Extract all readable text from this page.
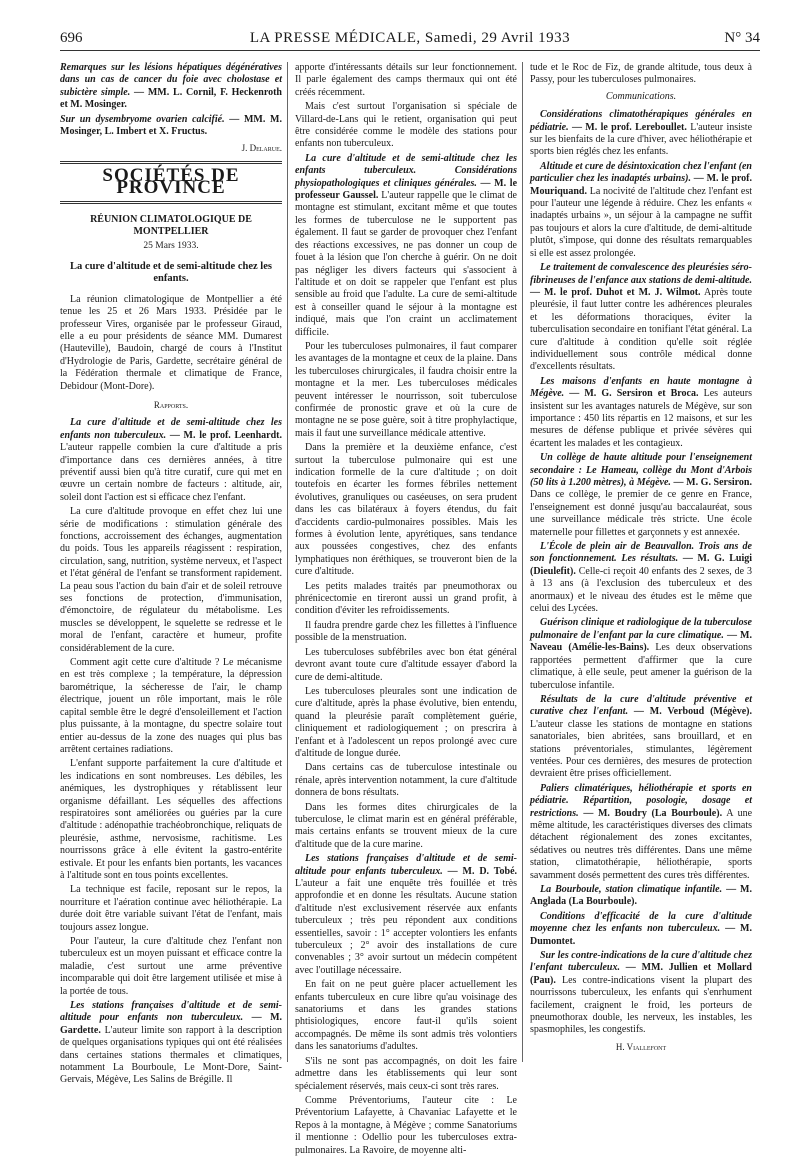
696	LA PRESSE MÉDICALE, Samedi, 29 Avril 1933	N° 34

Remarques sur les lésions hépatiques dégénératives dans un cas de cancer du foie avec cholostase et subictère simple. — MM. L. Cornil, F. Heckenroth et M. Mosinger.

Sur un dysembryome ovarien calcifié. — MM. M. Mosinger, L. Imbert et X. Fructus.

J. Delarue.
SOCIÉTÉS DE PROVINCE
RÉUNION CLIMATOLOGIQUE DE MONTPELLIER
25 Mars 1933.
La cure d'altitude et de semi-altitude chez les enfants.

La réunion climatologique de Montpellier a été tenue les 25 et 26 Mars 1933. Présidée par le professeur Vires, organisée par le professeur Giraud, elle a eu pour présidents de séance MM. Dumarest (Hauteville), Baudoin, chargé de cours à l'Institut d'Hydrologie de Paris, Gardette, secrétaire général de la Fédération thermale et climatique de France, Debidour (Mont-Dore).

Rapports.

La cure d'altitude et de semi-altitude chez les enfants non tuberculeux. — M. le prof. Leenhardt. L'auteur rappelle combien la cure d'altitude a pris d'importance dans ces dernières années, à titre préventif aussi bien qu'à titre curatif, cure qui met en œuvre un certain nombre de facteurs : altitude, air, soleil dont l'action est si efficace chez l'enfant.

La cure d'altitude provoque en effet chez lui une série de modifications : stimulation générale des fonctions, accroissement des échanges, augmentation du poids. Tous les appareils réagissent : respiration, circulation, sang, nutrition, système nerveux, et l'aspect et l'état général de l'enfant se transforment rapidement. La peau sous l'action du bain d'air et de soleil retrouve ses fonctions de protection, d'immunisation, d'émonctoire, de régulateur du métabolisme. Les muscles se développent, le squelette se redresse et le moral de l'enfant, caractère et humeur, profite considérablement de la cure.

Comment agit cette cure d'altitude ? Le mécanisme en est très complexe ; la température, la dépression barométrique, la sécheresse de l'air, le champ électrique, jouent un rôle important, mais le rôle capital semble être le degré d'ensoleillement et l'action plus puissante, à la montagne, du spectre solaire tout entier au-dessus de la zone des nuages qui plus bas arrêtent certaines radiations.

L'enfant supporte parfaitement la cure d'altitude et les indications en sont nombreuses. Les débiles, les anémiques, les dystrophiques y rétablissent leur organisme défaillant. Les séquelles des affections respiratoires sont améliorées ou guéries par la cure d'altitude : adénopathie trachéobronchique, reliquats de pleurésie, asthme, nervosisme, rachitisme. Les nourrissons grâce à elle évitent la gastro-entérite estivale. Et pour les enfants bien portants, les vacances à l'altitude sont en tous points excellentes.

La technique est facile, reposant sur le repos, la nourriture et l'aération continue avec héliothérapie. La durée doit être variable suivant l'état de l'enfant, mais toujours assez longue.

Pour l'auteur, la cure d'altitude chez l'enfant non tuberculeux est un moyen puissant et efficace contre la maladie, c'est surtout une arme préventive incomparable qui doit être largement utilisée et mise à la portée de tous.

Les stations françaises d'altitude et de semi-altitude pour enfants non tuberculeux. — M. Gardette. L'auteur limite son rapport à la description de quelques organisations typiques qui ont été réalisées dans certaines stations thermales et climatiques, notamment La Bourboule, Le Mont-Dore, Saint-Gervais, Mégève, Les Salins de Brégille. Il

apporte d'intéressants détails sur leur fonctionnement. Il parle également des camps thermaux qui ont été créés récemment.

Mais c'est surtout l'organisation si spéciale de Villard-de-Lans qui le retient, organisation qui peut être considérée comme le modèle des stations pour enfants non tuberculeux.

La cure d'altitude et de semi-altitude chez les enfants tuberculeux. Considérations physiopathologiques et cliniques générales. — M. le professeur Gaussel. L'auteur rappelle que le climat de montagne est stimulant, excitant même et que toutes les formes de tuberculose ne le supportent pas également. Il faut se garder de provoquer chez l'enfant des réactions excessives, ne pas donner un coup de fouet à la lésion que l'on cherche à guérir. On ne doit pas négliger les divers facteurs qui s'associent à l'altitude et on doit se rappeler que l'enfant est plus sensible au froid que l'adulte. La cure de semi-altitude est à conseiller quand le séjour à la montagne est indiqué, mais que l'on craint un acclimatement difficile.

Pour les tuberculoses pulmonaires, il faut comparer les avantages de la montagne et ceux de la plaine. Dans les tuberculoses chirurgicales, il faudra choisir entre la montagne et la mer. Les tuberculoses médicales peuvent intéresser le nourrisson, soit tuberculose confirmée de pronostic grave et où la cure de montagne ne se pose guère, soit à titre prophylactique, mais il faut une surveillance médicale attentive.

Dans la première et la deuxième enfance, c'est surtout la tuberculose pulmonaire qui est une indication formelle de la cure d'altitude ; on doit toutefois en écarter les formes fébriles nettement évolutives, granuliques ou caséeuses, on sera prudent dans les cas bilatéraux à foyers étendus, du fait d'accidents cardio-pulmonaires possibles. Mais les formes à évolution lente, apyrétiques, sans tendance aux poussées congestives, chez des enfants lymphatiques non éréthiques, se trouveront bien de la cure d'altitude.

Les petits malades traités par pneumothorax ou phrénicectomie en tireront aussi un grand profit, à condition d'éviter les refroidissements.

Il faudra prendre garde chez les fillettes à l'influence possible de la menstruation.

Les tuberculoses subfébriles avec bon état général devront avant toute cure d'altitude essayer d'abord la cure de demi-altitude.

Les tuberculoses pleurales sont une indication de cure d'altitude, après la phase évolutive, bien entendu, quand la pleurésie paraît complètement guérie, cliniquement et radiologiquement ; on prescrira à l'enfant et à l'adolescent un repos prolongé avec cure d'altitude de longue durée.

Dans certains cas de tuberculose intestinale ou rénale, après intervention notamment, la cure d'altitude donnera de bons résultats.

Dans les formes dites chirurgicales de la tuberculose, le climat marin est en général préférable, mais certains enfants se trouvent mieux de la cure d'altitude que de la cure marine.

Les stations françaises d'altitude et de semi-altitude pour enfants tuberculeux. — M. D. Tobé. L'auteur a fait une enquête très fouillée et très approfondie et en donne les résultats. Aucune station d'altitude n'est exclusivement réservée aux enfants tuberculeux ; très peu répondent aux conditions essentielles, savoir : 1° accepter volontiers les enfants tuberculeux ; 2° avoir des installations de cure convenables ; 3° avoir surtout un médecin compétent avec l'outillage nécessaire.

En fait on ne peut guère placer actuellement les enfants tuberculeux en cure libre qu'au voisinage des sanatoriums et dans les grandes stations phtisiologiques, encore faut-il qu'ils soient accompagnés. De même ils sont admis très volontiers dans les sanatoriums d'adultes.

S'ils ne sont pas accompagnés, on doit les faire admettre dans les établissements qui leur sont spécialement réservés, mais ceux-ci sont très rares.

Comme Préventoriums, l'auteur cite : Le Préventorium Lafayette, à Chavaniac Lafayette et le Repos à la montagne, à Mégève ; comme Sanatoriums il mentionne : Odellio pour les tuberculoses extra-pulmonaires. La Ravoire, de moyenne alti-

tude et le Roc de Fiz, de grande altitude, tous deux à Passy, pour les tuberculoses pulmonaires.

Communications.

Considérations climatothérapiques générales en pédiatrie. — M. le prof. Lereboullet. L'auteur insiste sur les bienfaits de la cure d'hiver, avec héliothérapie et sports bien réglés chez les enfants.

Altitude et cure de désintoxication chez l'enfant (en particulier chez les inadaptés urbains). — M. le prof. Mouriquand. La nocivité de l'altitude chez l'enfant est pour l'auteur une légende à réduire. Chez les enfants « inadaptés urbains », un séjour à la campagne ne suffit pas toujours et alors la cure d'altitude, de demi-altitude plutôt, s'impose, qui donne des résultats remarquables si elle est assez prolongée.

Le traitement de convalescence des pleurésies séro-fibrineuses de l'enfance aux stations de demi-altitude. — M. le prof. Duhot et M. J. Wilmot. Après toute pleurésie, il faut lutter contre les adhérences pleurales et les déformations thoraciques, éviter la tuberculisation secondaire en tonifiant l'état général. La cure d'altitude à condition qu'elle soit réglée individuellement sous contrôle médical donne d'excellents résultats.

Les maisons d'enfants en haute montagne à Mégève. — M. G. Sersiron et Broca. Les auteurs insistent sur les avantages naturels de Mégève, sur son importance : 450 lits répartis en 12 maisons, et sur les mesures de défense publique et privée sévères qui écartent les malades et les contagieux.

Un collège de haute altitude pour l'enseignement secondaire : Le Hameau, collège du Mont d'Arbois (50 lits à 1.200 mètres), à Mégève. — M. G. Sersiron. Dans ce collège, le premier de ce genre en France, l'enseignement est donné jusqu'au baccalauréat, sous une surveillance médicale très stricte. Une école maternelle pour fillettes et garçonnets y est annexée.

L'École de plein air de Beauvallon. Trois ans de son fonctionnement. Les résultats. — M. G. Luigi (Dieulefit). Celle-ci reçoit 40 enfants des 2 sexes, de 3 à 13 ans (à l'exclusion des tuberculeux et des anormaux) et le niveau des études est le même que celui des Lycées.

Guérison clinique et radiologique de la tuberculose pulmonaire de l'enfant par la cure climatique. — M. Naveau (Amélie-les-Bains). Les deux observations rapportées permettent d'affirmer que la cure climatique, à elle seule, peut amener la guérison de la tuberculose infantile.

Résultats de la cure d'altitude préventive et curative chez l'enfant. — M. Verboud (Mégève). L'auteur classe les stations de montagne en stations sanatoriales, bien abritées, sans brouillard, et en stations préventoriales, stimulantes, légèrement ventées. Pour ces dernières, des mesures de protection devraient être prises officiellement.

Paliers climatériques, héliothérapie et sports en pédiatrie. Répartition, posologie, dosage et restrictions. — M. Boudry (La Bourboule). A une même altitude, les caractéristiques diverses des climats détachent régionalement des zones excitantes, sédatives ou neutres très différentes. Dans une même station, climatothérapie, héliothérapie, sports savamment dosés permettent des cures très différentes.

La Bourboule, station climatique infantile. — M. Anglada (La Bourboule).

Conditions d'efficacité de la cure d'altitude moyenne chez les enfants non tuberculeux. — M. Dumontet.

Sur les contre-indications de la cure d'altitude chez l'enfant tuberculeux. — MM. Jullien et Mollard (Pau). Les contre-indications visent la plupart des nourrissons tuberculeux, les enfants qui s'enrhument facilement, craignent le froid, les porteurs de pneumothorax double, les nerveux, les instables, les spasmophiles, les congestifs.

H. Viallefont
